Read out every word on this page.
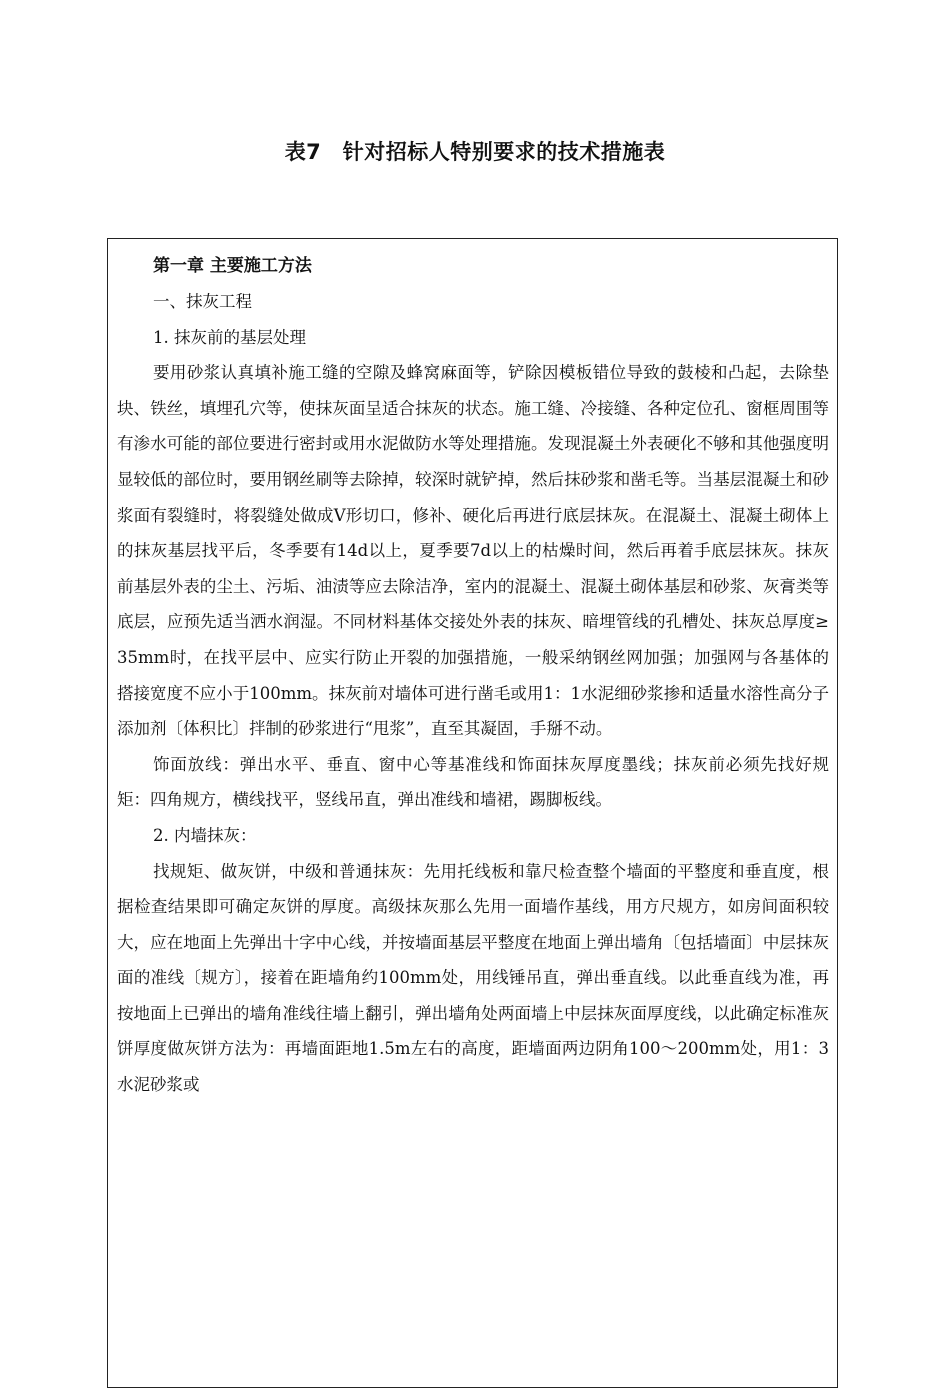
表7　针对招标人特别要求的技术措施表

第一章 主要施工方法

一、抹灰工程

1. 抹灰前的基层处理

要用砂浆认真填补施工缝的空隙及蜂窝麻面等，铲除因模板错位导致的鼓棱和凸起，去除垫块、铁丝，填埋孔穴等，使抹灰面呈适合抹灰的状态。施工缝、冷接缝、各种定位孔、窗框周围等有渗水可能的部位要进行密封或用水泥做防水等处理措施。发现混凝土外表硬化不够和其他强度明显较低的部位时，要用钢丝刷等去除掉，较深时就铲掉，然后抹砂浆和凿毛等。当基层混凝土和砂浆面有裂缝时，将裂缝处做成V形切口，修补、硬化后再进行底层抹灰。在混凝土、混凝土砌体上的抹灰基层找平后，冬季要有14d以上，夏季要7d以上的枯燥时间，然后再着手底层抹灰。抹灰前基层外表的尘土、污垢、油渍等应去除洁净，室内的混凝土、混凝土砌体基层和砂浆、灰膏类等底层，应预先适当洒水润湿。不同材料基体交接处外表的抹灰、暗埋管线的孔槽处、抹灰总厚度≥35mm时，在找平层中、应实行防止开裂的加强措施，一般采纳钢丝网加强；加强网与各基体的搭接宽度不应小于100mm。抹灰前对墙体可进行凿毛或用1：1水泥细砂浆掺和适量水溶性高分子添加剂〔体积比〕拌制的砂浆进行“甩浆”，直至其凝固，手掰不动。

饰面放线：弹出水平、垂直、窗中心等基准线和饰面抹灰厚度墨线；抹灰前必须先找好规矩：四角规方，横线找平，竖线吊直，弹出准线和墙裙，踢脚板线。

2. 内墙抹灰：

找规矩、做灰饼，中级和普通抹灰：先用托线板和靠尺检查整个墙面的平整度和垂直度，根据检查结果即可确定灰饼的厚度。高级抹灰那么先用一面墙作基线，用方尺规方，如房间面积较大，应在地面上先弹出十字中心线，并按墙面基层平整度在地面上弹出墙角〔包括墙面〕中层抹灰面的准线〔规方〕，接着在距墙角约100mm处，用线锤吊直，弹出垂直线。以此垂直线为准，再按地面上已弹出的墙角准线往墙上翻引，弹出墙角处两面墙上中层抹灰面厚度线，以此确定标准灰饼厚度做灰饼方法为：再墙面距地1.5m左右的高度，距墙面两边阴角100～200mm处，用1：3水泥砂浆或
